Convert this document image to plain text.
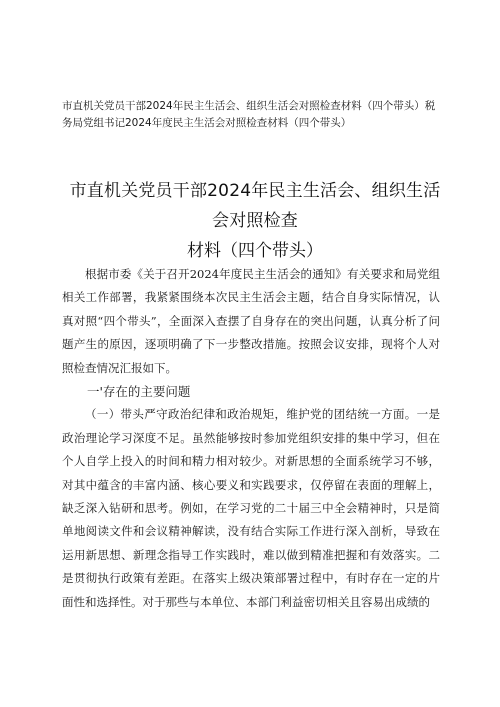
市直机关党员干部2024年民主生活会、组织生活会对照检查材料（四个带头）税务局党组书记2024年度民主生活会对照检查材料（四个带头）
市直机关党员干部2024年民主生活会、组织生活会对照检查
材料（四个带头）

根据市委《关于召开2024年度民主生活会的通知》有关要求和局党组相关工作部署，我紧紧围绕本次民主生活会主题，结合自身实际情况，认真对照“四个带头”，全面深入查摆了自身存在的突出问题，认真分析了问题产生的原因，逐项明确了下一步整改措施。按照会议安排，现将个人对照检查情况汇报如下。

一'存在的主要问题

（一）带头严守政治纪律和政治规矩，维护党的团结统一方面。一是政治理论学习深度不足。虽然能够按时参加党组织安排的集中学习，但在个人自学上投入的时间和精力相对较少。对新思想的全面系统学习不够，对其中蕴含的丰富内涵、核心要义和实践要求，仅停留在表面的理解上，缺乏深入钻研和思考。例如，在学习党的二十届三中全会精神时，只是简单地阅读文件和会议精神解读，没有结合实际工作进行深入剖析，导致在运用新思想、新理念指导工作实践时，难以做到精准把握和有效落实。二是贯彻执行政策有差距。在落实上级决策部署过程中，有时存在一定的片面性和选择性。对于那些与本单位、本部门利益密切相关且容易出成绩的
